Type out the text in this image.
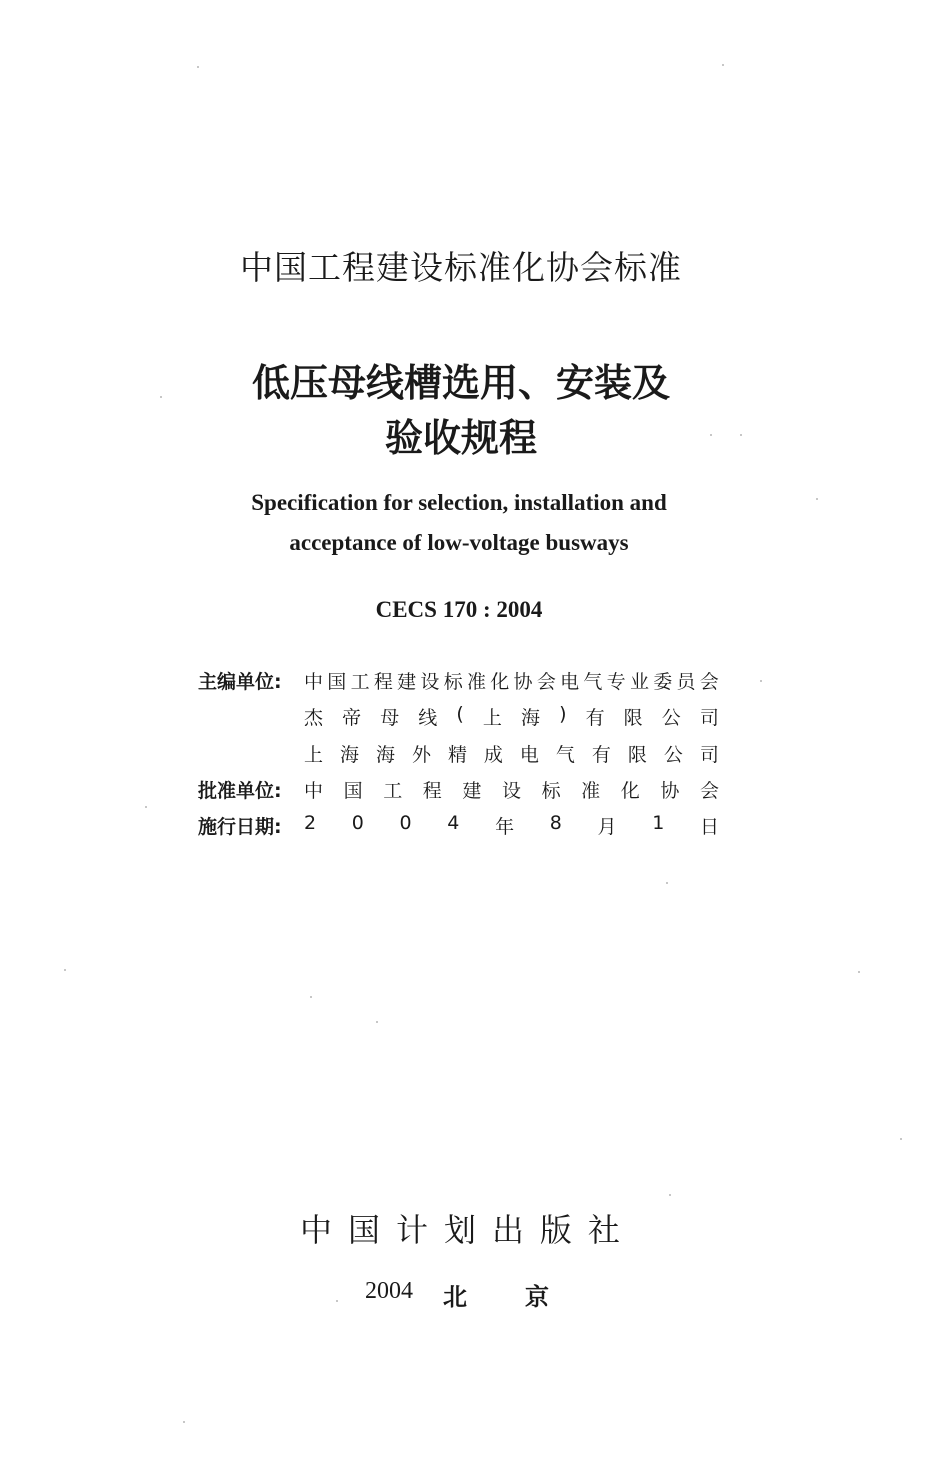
中国工程建设标准化协会标准
低压母线槽选用、安装及
验收规程
Specification for selection, installation and
acceptance of low-voltage busways
CECS 170 : 2004
主编单位: 中 国 工 程 建 设 标 准 化 协 会 电 气 专 业 委 员 会
杰 帝 母 线 ( 上 海 ) 有 限 公 司
上 海 海 外 精 成 电 气 有 限 公 司
批准单位: 中 国 工 程 建 设 标 准 化 协 会
施行日期: 2 0 0 4 年 8 月 1 日
中 国 计 划 出 版 社
2004 北 京
